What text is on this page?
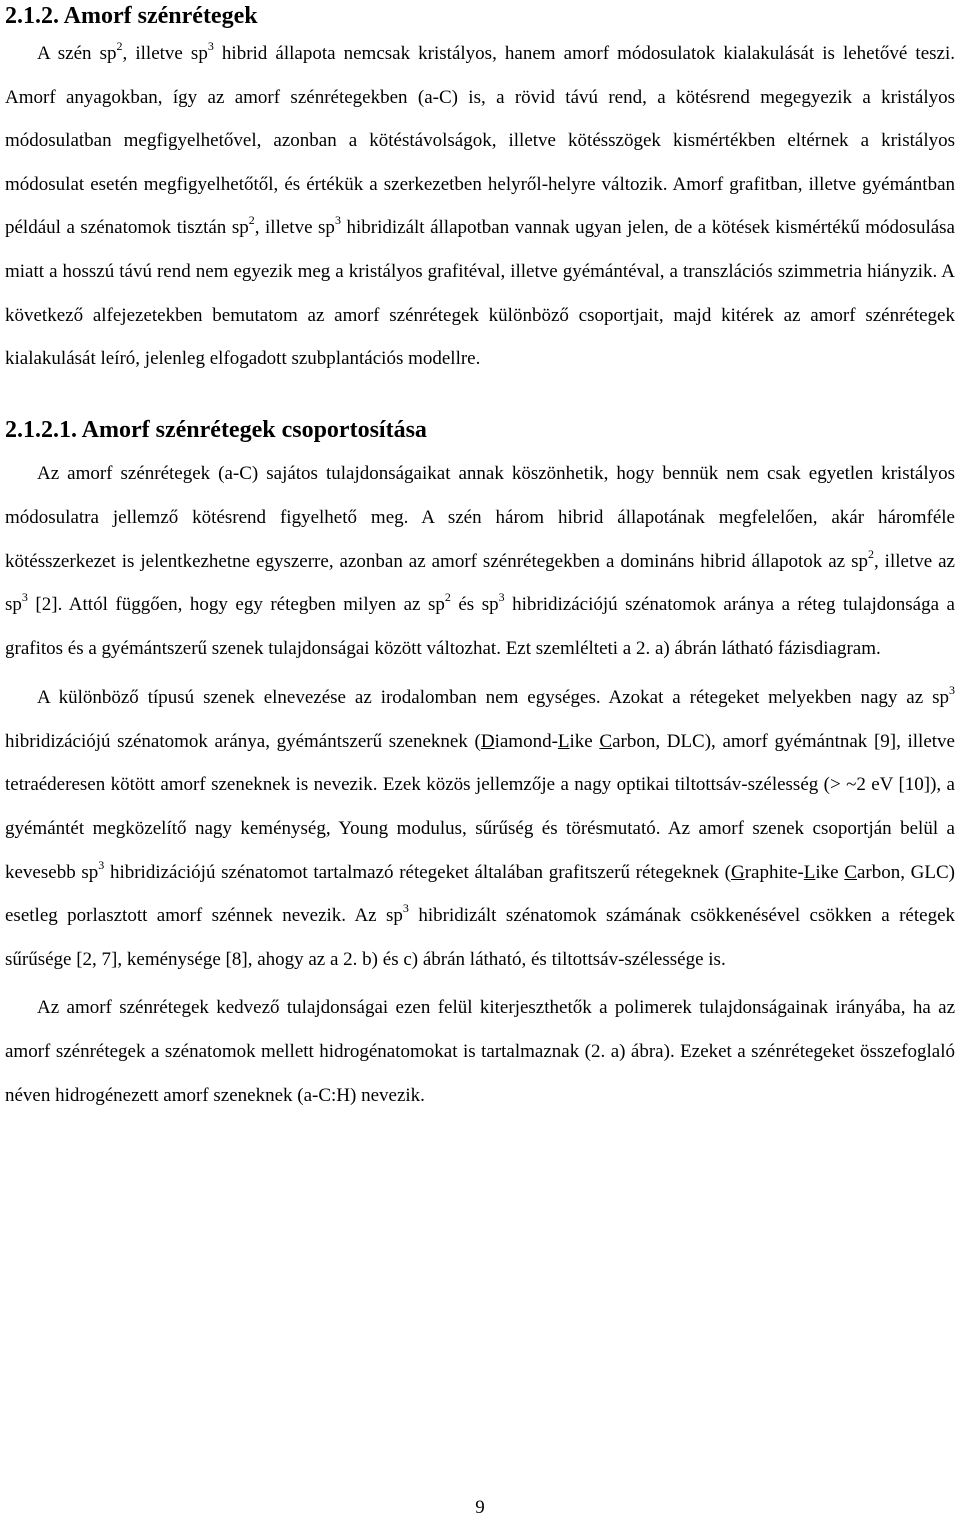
2.1.2. Amorf szénrétegek

A szén $sp^2$, illetve $sp^3$ hibrid állapota nemcsak kristályos, hanem amorf módosulatok kialakulását is lehetővé teszi. Amorf anyagokban, így az amorf szénrétegekben (a-C) is, a rövid távú rend, a kötésrend megegyezik a kristályos módosulatban megfigyelhetővel, azonban a kötéstávolságok, illetve kötésszögek kismértékben eltérnek a kristályos módosulat esetén megfigyelhetőtől, és értékük a szerkezetben helyről-helyre változik. Amorf grafitban, illetve gyémántban például a szénatomok tisztán $sp^2$, illetve $sp^3$ hibridizált állapotban vannak ugyan jelen, de a kötések kismértékű módosulása miatt a hosszú távú rend nem egyezik meg a kristályos grafitéval, illetve gyémántéval, a transzlációs szimmetria hiányzik. A következő alfejezetekben bemutatom az amorf szénrétegek különböző csoportjait, majd kitérek az amorf szénrétegek kialakulását leíró, jelenleg elfogadott szubplantációs modellre.

2.1.2.1. Amorf szénrétegek csoportosítása

Az amorf szénrétegek (a-C) sajátos tulajdonságaikat annak köszönhetik, hogy bennük nem csak egyetlen kristályos módosulatra jellemző kötésrend figyelhető meg. A szén három hibrid állapotának megfelelően, akár háromféle kötésszerkezet is jelentkezhetne egyszerre, azonban az amorf szénrétegekben a domináns hibrid állapotok az $sp^2$, illetve az $sp^3$ [2]. Attól függően, hogy egy rétegben milyen az $sp^2$ és $sp^3$ hibridizációjú szénatomok aránya a réteg tulajdonsága a grafitos és a gyémántszerű szenek tulajdonságai között változhat. Ezt szemlélteti a 2. a) ábrán látható fázisdiagram.

A különböző típusú szenek elnevezése az irodalomban nem egységes. Azokat a rétegeket melyekben nagy az $sp^3$ hibridizációjú szénatomok aránya, gyémántszerű szeneknek (Diamond-Like Carbon, DLC), amorf gyémántnak [9], illetve tetraéderesen kötött amorf szeneknek is nevezik. Ezek közös jellemzője a nagy optikai tiltottsáv-szélesség (> ~2 eV [10]), a gyémántét megközelítő nagy keménység, Young modulus, sűrűség és törésmutató. Az amorf szenek csoportján belül a kevesebb $sp^3$ hibridizációjú szénatomot tartalmazó rétegeket általában grafitszerű rétegeknek (Graphite-Like Carbon, GLC) esetleg porlasztott amorf szénnek nevezik. Az $sp^3$ hibridizált szénatomok számának csökkenésével csökken a rétegek sűrűsége [2, 7], keménysége [8], ahogy az a 2. b) és c) ábrán látható, és tiltottsáv-szélessége is.

Az amorf szénrétegek kedvező tulajdonságai ezen felül kiterjeszthetők a polimerek tulajdonságainak irányába, ha az amorf szénrétegek a szénatomok mellett hidrogénatomokat is tartalmaznak (2. a) ábra). Ezeket a szénrétegeket összefoglaló néven hidrogénezett amorf szeneknek (a-C:H) nevezik.

9
